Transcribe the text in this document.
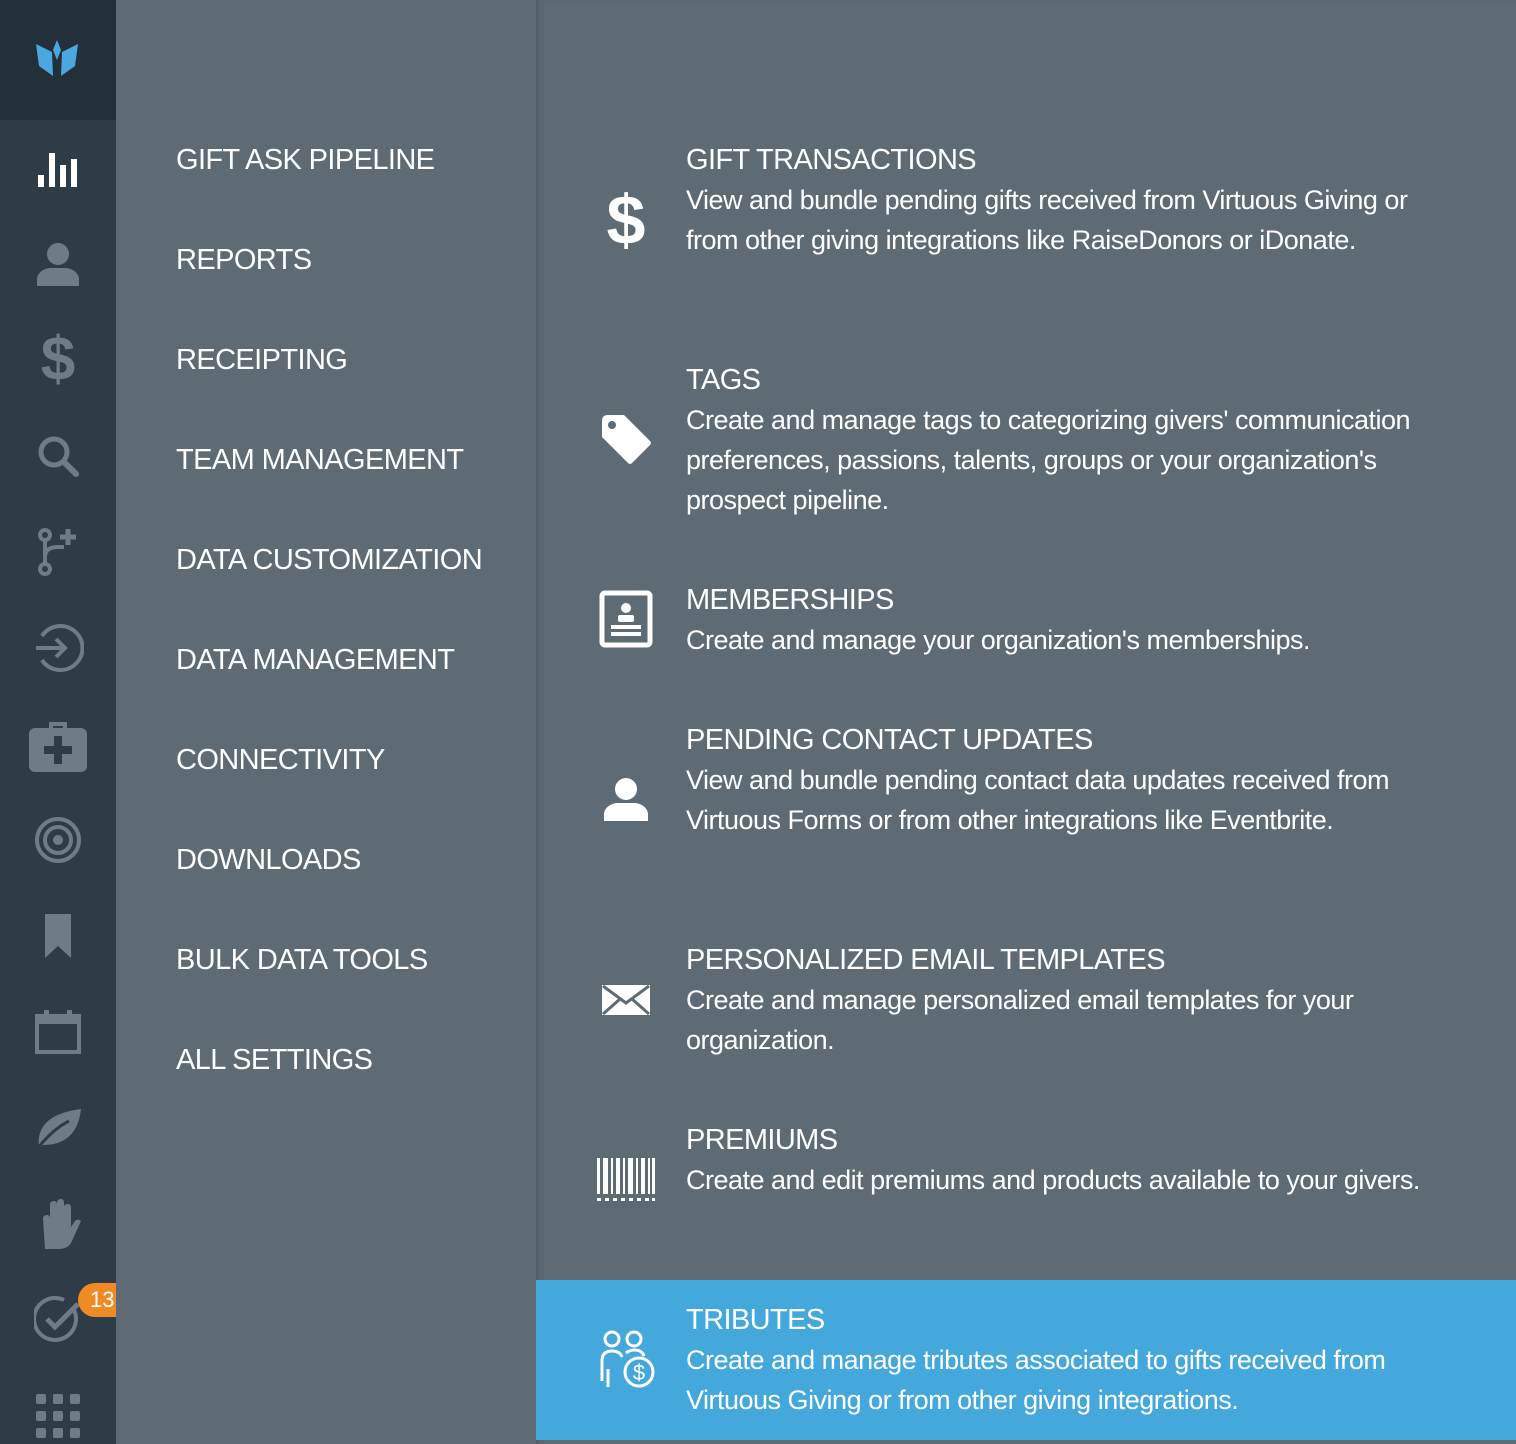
$
13
GIFT ASK PIPELINE
REPORTS
RECEIPTING
TEAM MANAGEMENT
DATA CUSTOMIZATION
DATA MANAGEMENT
CONNECTIVITY
DOWNLOADS
BULK DATA TOOLS
ALL SETTINGS
$
GIFT TRANSACTIONS
View and bundle pending gifts received from Virtuous Giving or from other giving integrations like RaiseDonors or iDonate.
TAGS
Create and manage tags to categorizing givers' communication preferences, passions, talents, groups or your organization's prospect pipeline.
MEMBERSHIPS
Create and manage your organization's memberships.
PENDING CONTACT UPDATES
View and bundle pending contact data updates received from Virtuous Forms or from other integrations like Eventbrite.
PERSONALIZED EMAIL TEMPLATES
Create and manage personalized email templates for your organization.
PREMIUMS
Create and edit premiums and products available to your givers.
$
TRIBUTES
Create and manage tributes associated to gifts received from Virtuous Giving or from other giving integrations.
